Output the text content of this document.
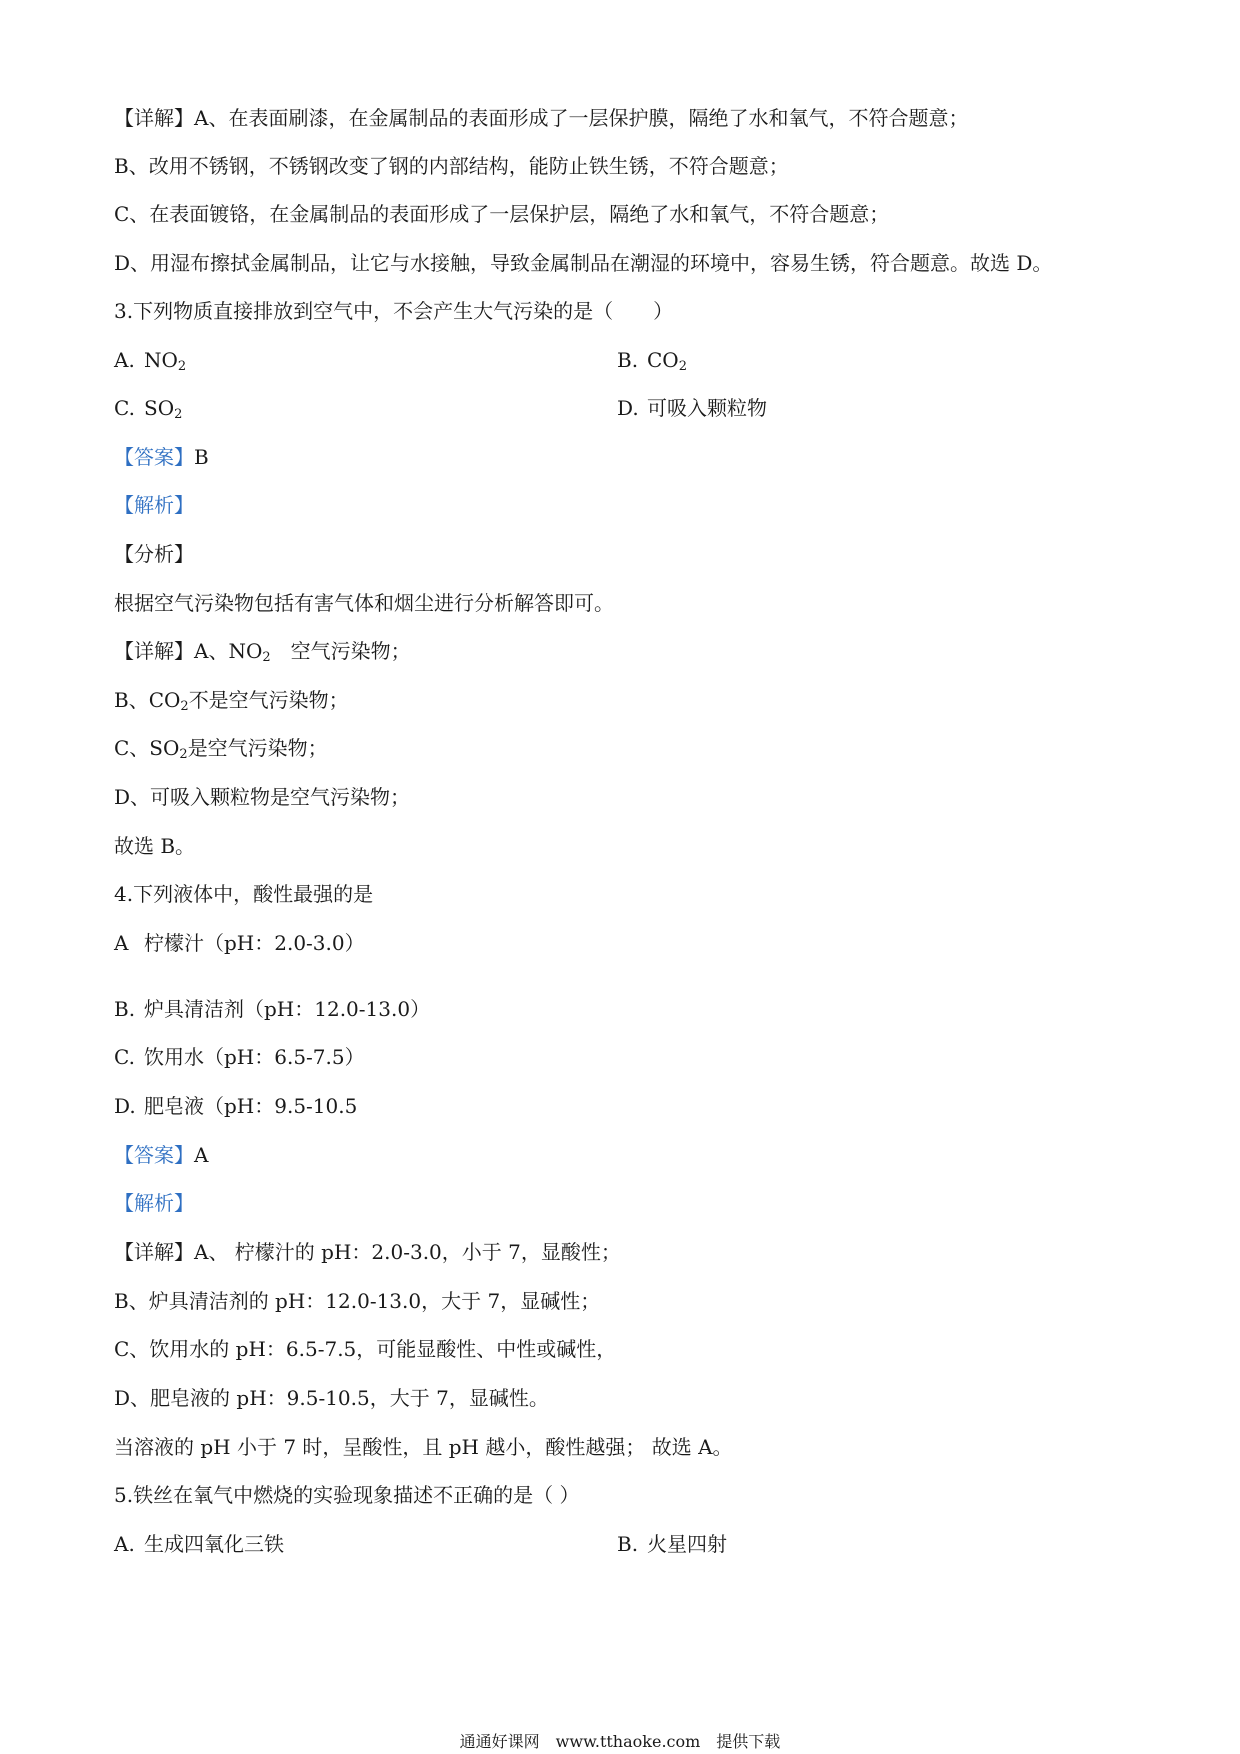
【详解】A、在表面刷漆，在金属制品的表面形成了一层保护膜，隔绝了水和氧气，不符合题意；
B、改用不锈钢，不锈钢改变了钢的内部结构，能防止铁生锈，不符合题意；
C、在表面镀铬，在金属制品的表面形成了一层保护层，隔绝了水和氧气，不符合题意；
D、用湿布擦拭金属制品，让它与水接触，导致金属制品在潮湿的环境中，容易生锈，符合题意。故选 D。
3.下列物质直接排放到空气中，不会产生大气污染的是（　　）
A. $NO_2$	B. $CO_2$
C. $SO_2$	D. 可吸入颗粒物
【答案】B
【解析】
【分析】
根据空气污染物包括有害气体和烟尘进行分析解答即可。
【详解】A、$NO_2$　空气污染物；
B、$CO_2$不是空气污染物；
C、$SO_2$是空气污染物；
D、可吸入颗粒物是空气污染物；
故选 B。
4.下列液体中，酸性最强的是
A 柠檬汁（pH：2.0-3.0）
B. 炉具清洁剂（pH：12.0-13.0）
C. 饮用水（pH：6.5-7.5）
D. 肥皂液（pH：9.5-10.5
【答案】A
【解析】
【详解】A、 柠檬汁的 pH：2.0-3.0，小于 7，显酸性；
B、炉具清洁剂的 pH：12.0-13.0，大于 7，显碱性；
C、饮用水的 pH：6.5-7.5，可能显酸性、中性或碱性，
D、肥皂液的 pH：9.5-10.5，大于 7，显碱性。
当溶液的 pH 小于 7 时，呈酸性，且 pH 越小，酸性越强； 故选 A。
5.铁丝在氧气中燃烧的实验现象描述不正确的是（ ）
A. 生成四氧化三铁	B. 火星四射
通通好课网　www.tthaoke.com　提供下载
